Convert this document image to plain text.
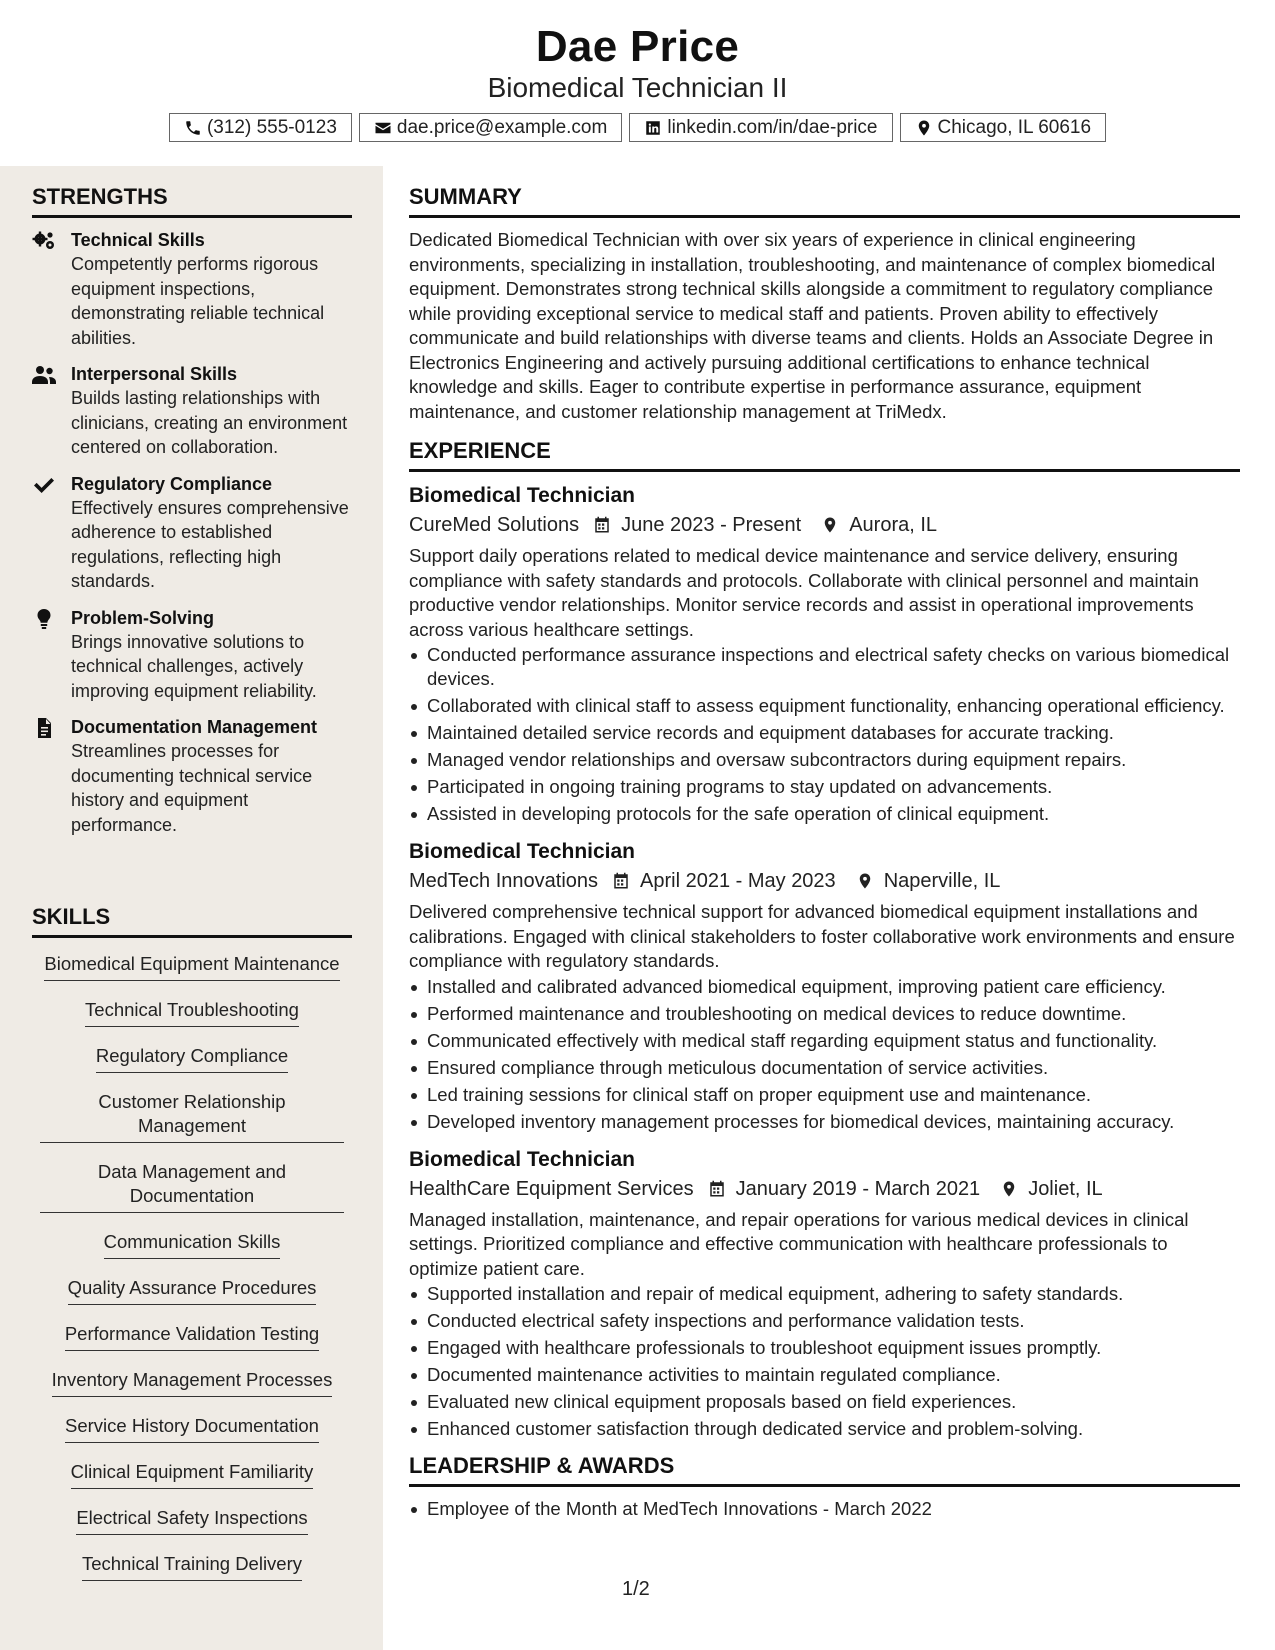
Dae Price
Biomedical Technician II
(312) 555-0123	dae.price@example.com	linkedin.com/in/dae-price	Chicago, IL 60616
STRENGTHS
Technical Skills
Competently performs rigorous equipment inspections, demonstrating reliable technical abilities.
Interpersonal Skills
Builds lasting relationships with clinicians, creating an environment centered on collaboration.
Regulatory Compliance
Effectively ensures comprehensive adherence to established regulations, reflecting high standards.
Problem-Solving
Brings innovative solutions to technical challenges, actively improving equipment reliability.
Documentation Management
Streamlines processes for documenting technical service history and equipment performance.
SKILLS
Biomedical Equipment Maintenance
Technical Troubleshooting
Regulatory Compliance
Customer Relationship Management
Data Management and Documentation
Communication Skills
Quality Assurance Procedures
Performance Validation Testing
Inventory Management Processes
Service History Documentation
Clinical Equipment Familiarity
Electrical Safety Inspections
Technical Training Delivery
SUMMARY

Dedicated Biomedical Technician with over six years of experience in clinical engineering environments, specializing in installation, troubleshooting, and maintenance of complex biomedical equipment. Demonstrates strong technical skills alongside a commitment to regulatory compliance while providing exceptional service to medical staff and patients. Proven ability to effectively communicate and build relationships with diverse teams and clients. Holds an Associate Degree in Electronics Engineering and actively pursuing additional certifications to enhance technical knowledge and skills. Eager to contribute expertise in performance assurance, equipment maintenance, and customer relationship management at TriMedx.

EXPERIENCE
Biomedical Technician
CureMed Solutions June 2023 - Present Aurora, IL

Support daily operations related to medical device maintenance and service delivery, ensuring compliance with safety standards and protocols. Collaborate with clinical personnel and maintain productive vendor relationships. Monitor service records and assist in operational improvements across various healthcare settings.

Conducted performance assurance inspections and electrical safety checks on various biomedical devices.
Collaborated with clinical staff to assess equipment functionality, enhancing operational efficiency.
Maintained detailed service records and equipment databases for accurate tracking.
Managed vendor relationships and oversaw subcontractors during equipment repairs.
Participated in ongoing training programs to stay updated on advancements.
Assisted in developing protocols for the safe operation of clinical equipment.
Biomedical Technician
MedTech Innovations April 2021 - May 2023 Naperville, IL

Delivered comprehensive technical support for advanced biomedical equipment installations and calibrations. Engaged with clinical stakeholders to foster collaborative work environments and ensure compliance with regulatory standards.

Installed and calibrated advanced biomedical equipment, improving patient care efficiency.
Performed maintenance and troubleshooting on medical devices to reduce downtime.
Communicated effectively with medical staff regarding equipment status and functionality.
Ensured compliance through meticulous documentation of service activities.
Led training sessions for clinical staff on proper equipment use and maintenance.
Developed inventory management processes for biomedical devices, maintaining accuracy.
Biomedical Technician
HealthCare Equipment Services January 2019 - March 2021 Joliet, IL

Managed installation, maintenance, and repair operations for various medical devices in clinical settings. Prioritized compliance and effective communication with healthcare professionals to optimize patient care.

Supported installation and repair of medical equipment, adhering to safety standards.
Conducted electrical safety inspections and performance validation tests.
Engaged with healthcare professionals to troubleshoot equipment issues promptly.
Documented maintenance activities to maintain regulated compliance.
Evaluated new clinical equipment proposals based on field experiences.
Enhanced customer satisfaction through dedicated service and problem-solving.
LEADERSHIP & AWARDS
Employee of the Month at MedTech Innovations - March 2022
1/2
